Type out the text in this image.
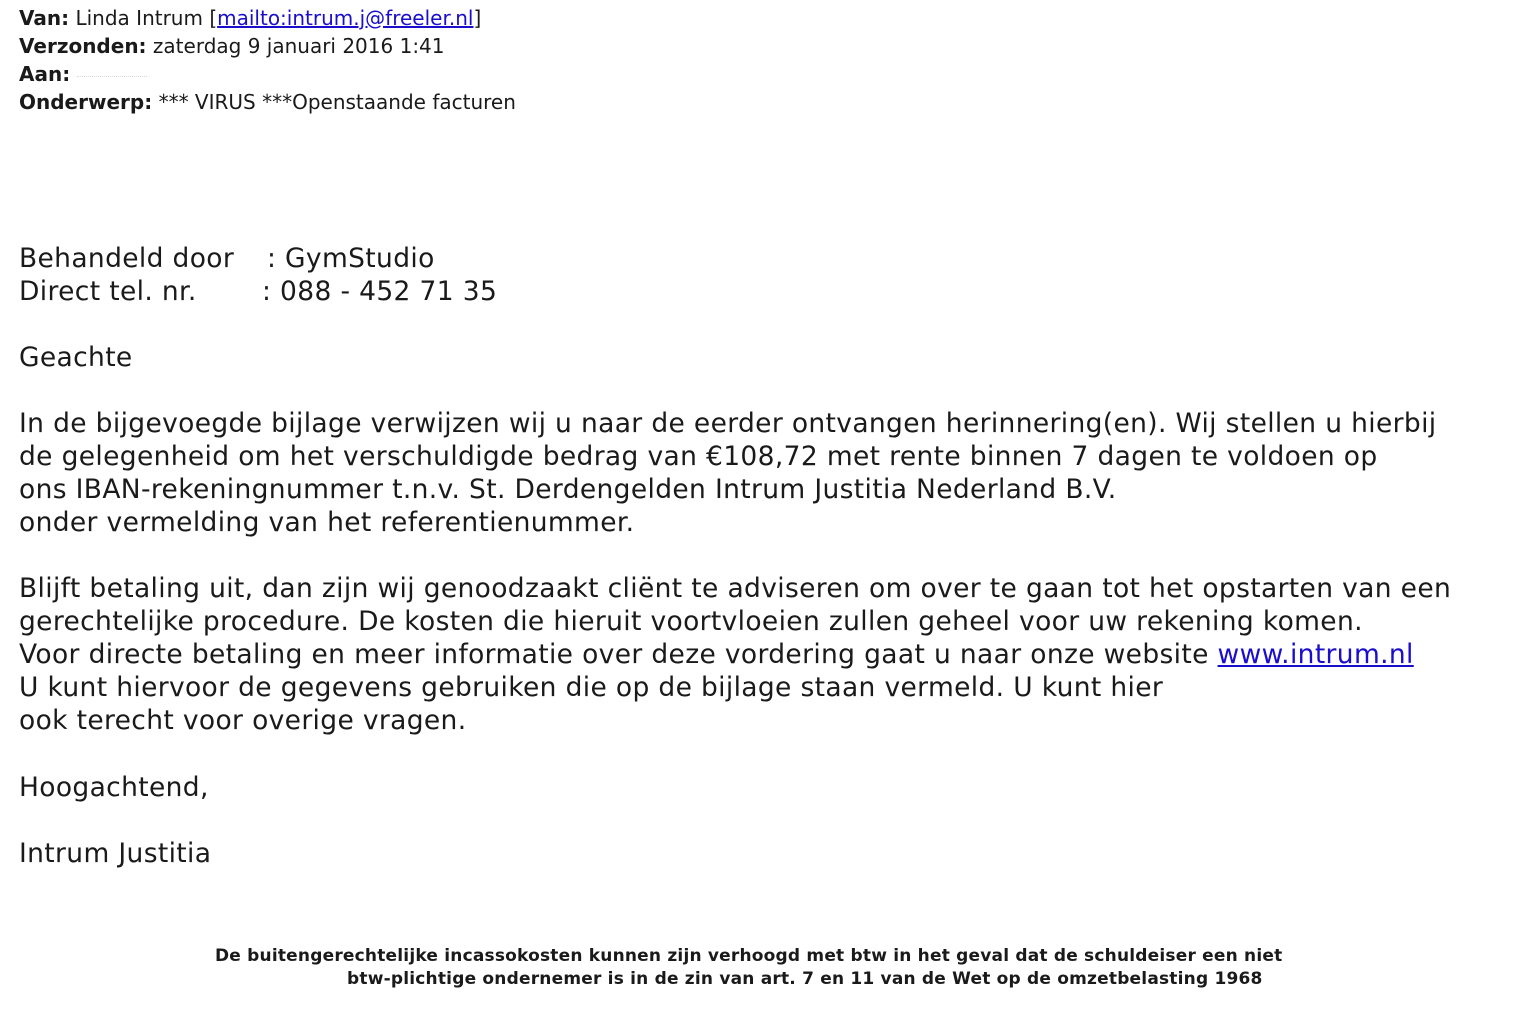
Van: Linda Intrum [mailto:intrum.j@freeler.nl]
Verzonden: zaterdag 9 januari 2016 1:41
Aan:
Onderwerp: *** VIRUS ***Openstaande facturen
Behandeld door : GymStudio
Direct tel. nr. : 088 - 452 71 35
Geachte
In de bijgevoegde bijlage verwijzen wij u naar de eerder ontvangen herinnering(en). Wij stellen u hierbij
de gelegenheid om het verschuldigde bedrag van €108,72 met rente binnen 7 dagen te voldoen op
ons IBAN-rekeningnummer t.n.v. St. Derdengelden Intrum Justitia Nederland B.V.
onder vermelding van het referentienummer.
Blijft betaling uit, dan zijn wij genoodzaakt cliënt te adviseren om over te gaan tot het opstarten van een
gerechtelijke procedure. De kosten die hieruit voortvloeien zullen geheel voor uw rekening komen.
Voor directe betaling en meer informatie over deze vordering gaat u naar onze website www.intrum.nl
U kunt hiervoor de gegevens gebruiken die op de bijlage staan vermeld. U kunt hier
ook terecht voor overige vragen.
Hoogachtend,
Intrum Justitia
De buitengerechtelijke incassokosten kunnen zijn verhoogd met btw in het geval dat de schuldeiser een niet
btw-plichtige ondernemer is in de zin van art. 7 en 11 van de Wet op de omzetbelasting 1968
